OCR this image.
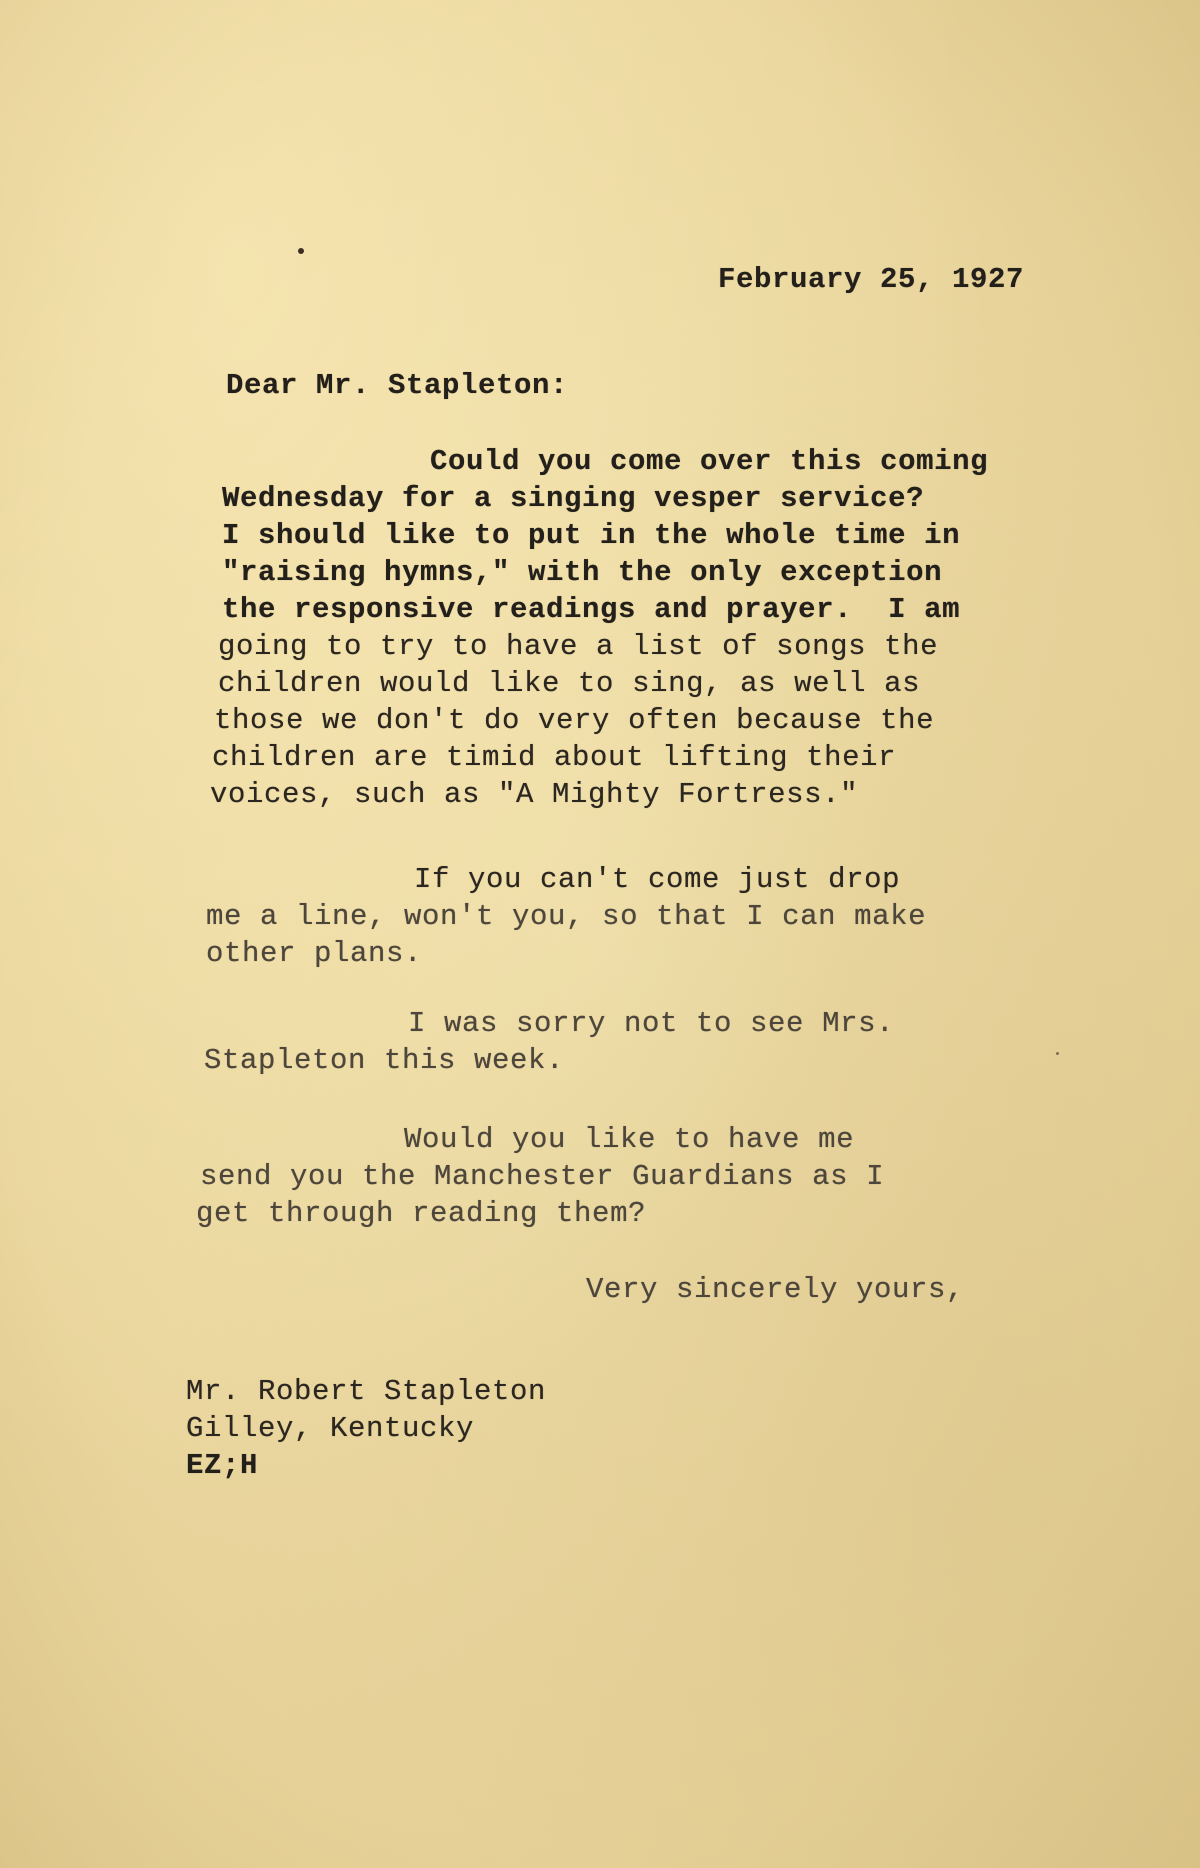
February 25, 1927

Dear Mr. Stapleton:

Could you come over this coming

Wednesday for a singing vesper service?

I should like to put in the whole time in

"raising hymns," with the only exception

the responsive readings and prayer.  I am

going to try to have a list of songs the

children would like to sing, as well as

those we don't do very often because the

children are timid about lifting their

voices, such as "A Mighty Fortress."

If you can't come just drop

me a line, won't you, so that I can make

other plans.

I was sorry not to see Mrs.

Stapleton this week.

Would you like to have me

send you the Manchester Guardians as I

get through reading them?

Very sincerely yours,

Mr. Robert Stapleton

Gilley, Kentucky

EZ;H
